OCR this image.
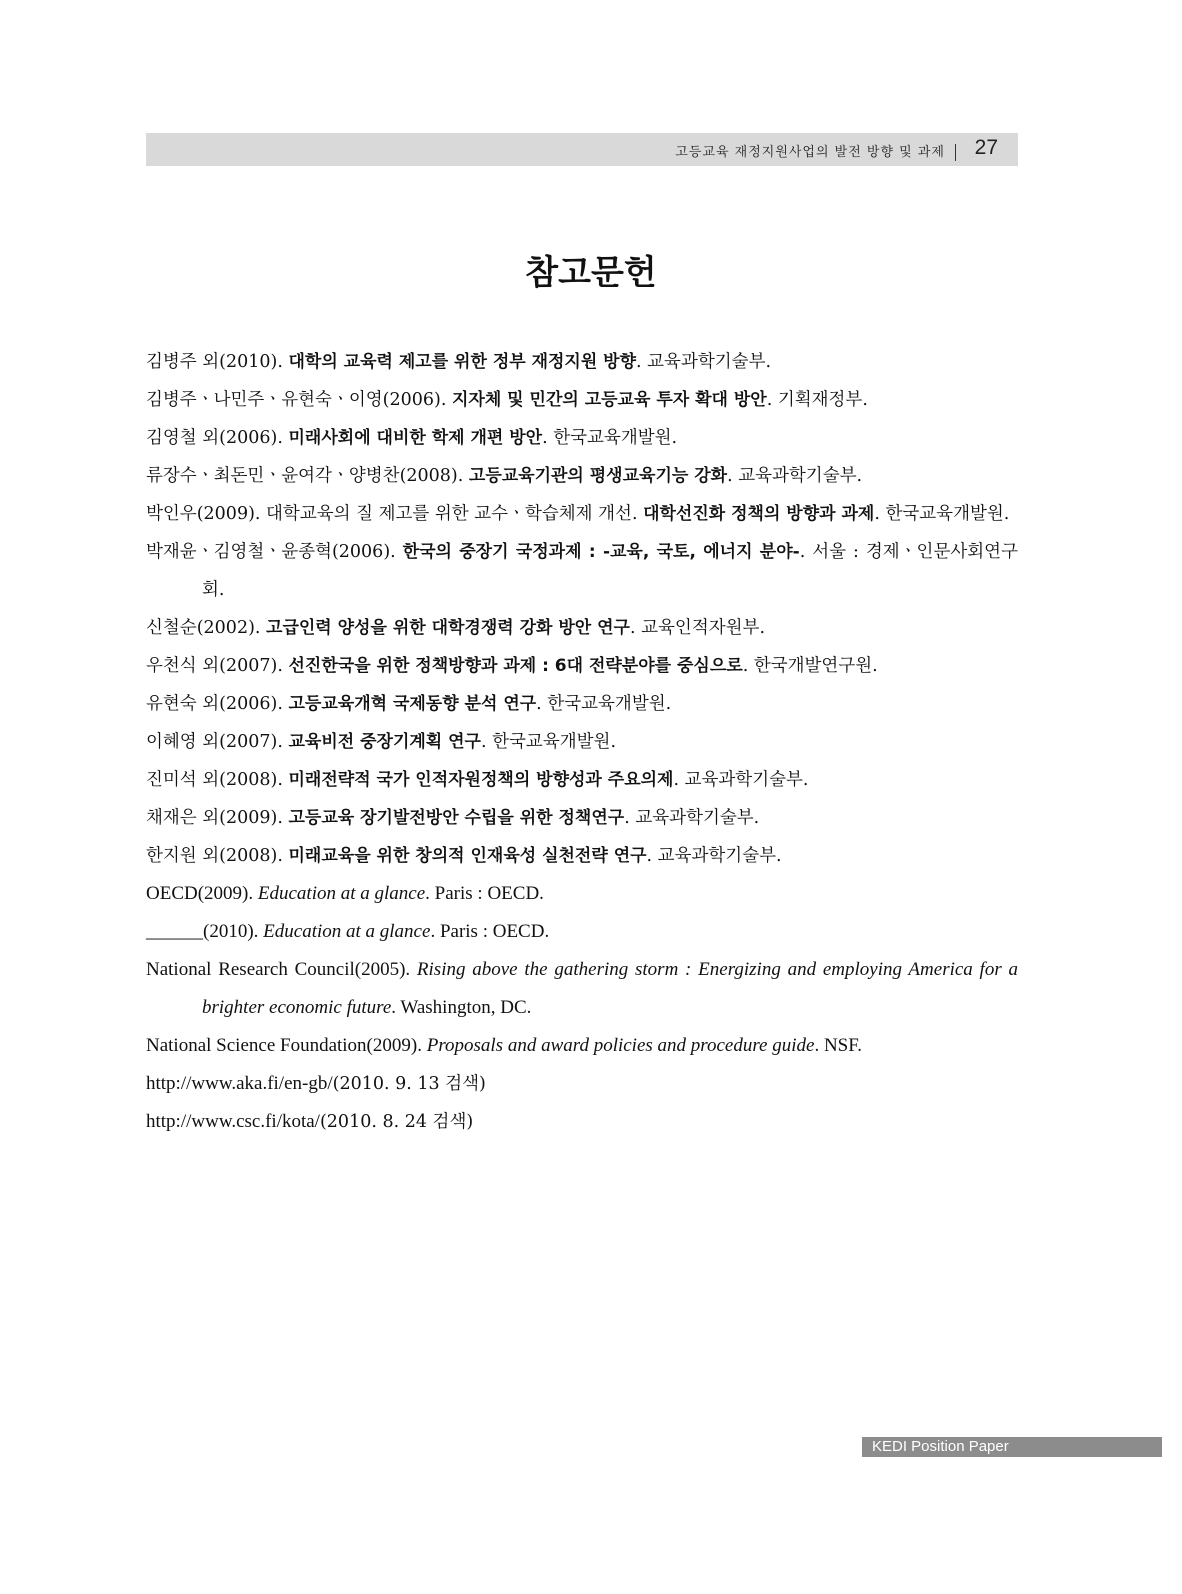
고등교육 재정지원사업의 발전 방향 및 과제 27
참고문헌
김병주 외(2010). 대학의 교육력 제고를 위한 정부 재정지원 방향. 교육과학기술부.
김병주ㆍ나민주ㆍ유현숙ㆍ이영(2006). 지자체 및 민간의 고등교육 투자 확대 방안. 기획재정부.
김영철 외(2006). 미래사회에 대비한 학제 개편 방안. 한국교육개발원.
류장수ㆍ최돈민ㆍ윤여각ㆍ양병찬(2008). 고등교육기관의 평생교육기능 강화. 교육과학기술부.
박인우(2009). 대학교육의 질 제고를 위한 교수ㆍ학습체제 개선. 대학선진화 정책의 방향과 과제. 한국교육개발원.
박재윤ㆍ김영철ㆍ윤종혁(2006). 한국의 중장기 국정과제 : -교육, 국토, 에너지 분야-. 서울 : 경제ㆍ인문사회연구회.
신철순(2002). 고급인력 양성을 위한 대학경쟁력 강화 방안 연구. 교육인적자원부.
우천식 외(2007). 선진한국을 위한 정책방향과 과제 : 6대 전략분야를 중심으로. 한국개발연구원.
유현숙 외(2006). 고등교육개혁 국제동향 분석 연구. 한국교육개발원.
이혜영 외(2007). 교육비전 중장기계획 연구. 한국교육개발원.
진미석 외(2008). 미래전략적 국가 인적자원정책의 방향성과 주요의제. 교육과학기술부.
채재은 외(2009). 고등교육 장기발전방안 수립을 위한 정책연구. 교육과학기술부.
한지원 외(2008). 미래교육을 위한 창의적 인재육성 실천전략 연구. 교육과학기술부.
OECD(2009). Education at a glance. Paris : OECD.
______(2010). Education at a glance. Paris : OECD.
National Research Council(2005). Rising above the gathering storm : Energizing and employing America for a brighter economic future. Washington, DC.
National Science Foundation(2009). Proposals and award policies and procedure guide. NSF.
http://www.aka.fi/en-gb/(2010. 9. 13 검색)
http://www.csc.fi/kota/(2010. 8. 24 검색)
KEDI Position Paper
